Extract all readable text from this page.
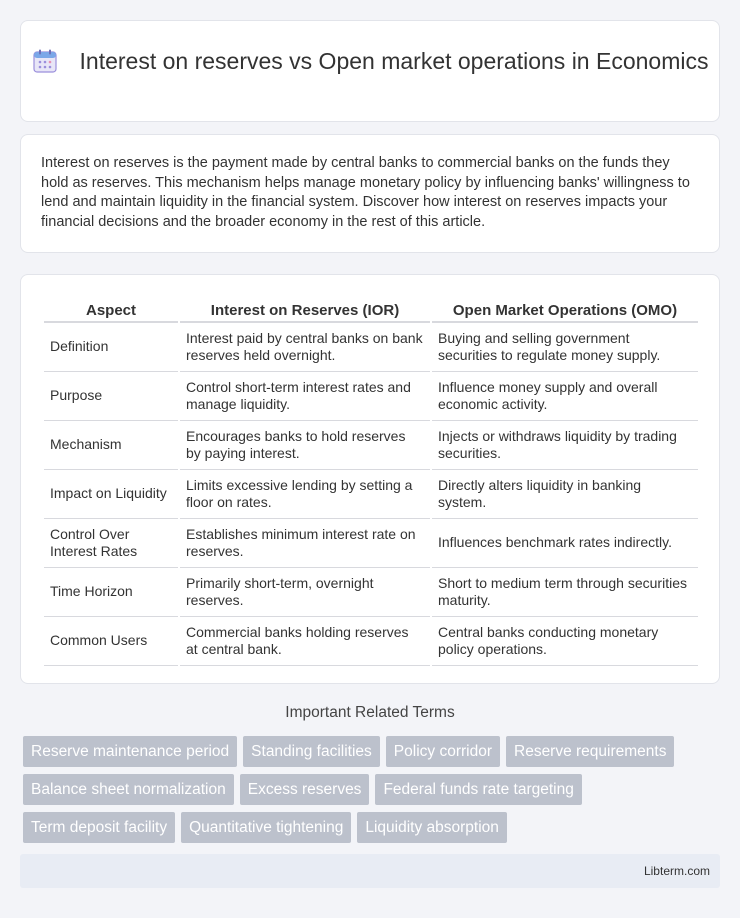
Interest on reserves vs Open market operations in Economics

Interest on reserves is the payment made by central banks to commercial banks on the funds they hold as reserves. This mechanism helps manage monetary policy by influencing banks' willingness to lend and maintain liquidity in the financial system. Discover how interest on reserves impacts your financial decisions and the broader economy in the rest of this article.

Aspect	Interest on Reserves (IOR)	Open Market Operations (OMO)
Definition	Interest paid by central banks on bank reserves held overnight.	Buying and selling government securities to regulate money supply.
Purpose	Control short-term interest rates and manage liquidity.	Influence money supply and overall economic activity.
Mechanism	Encourages banks to hold reserves by paying interest.	Injects or withdraws liquidity by trading securities.
Impact on Liquidity	Limits excessive lending by setting a floor on rates.	Directly alters liquidity in banking system.
Control Over Interest Rates	Establishes minimum interest rate on reserves.	Influences benchmark rates indirectly.
Time Horizon	Primarily short-term, overnight reserves.	Short to medium term through securities maturity.
Common Users	Commercial banks holding reserves at central bank.	Central banks conducting monetary policy operations.
Important Related Terms
Reserve maintenance period	Standing facilities	Policy corridor	Reserve requirements
Balance sheet normalization	Excess reserves	Federal funds rate targeting
Term deposit facility	Quantitative tightening	Liquidity absorption
Libterm.com
